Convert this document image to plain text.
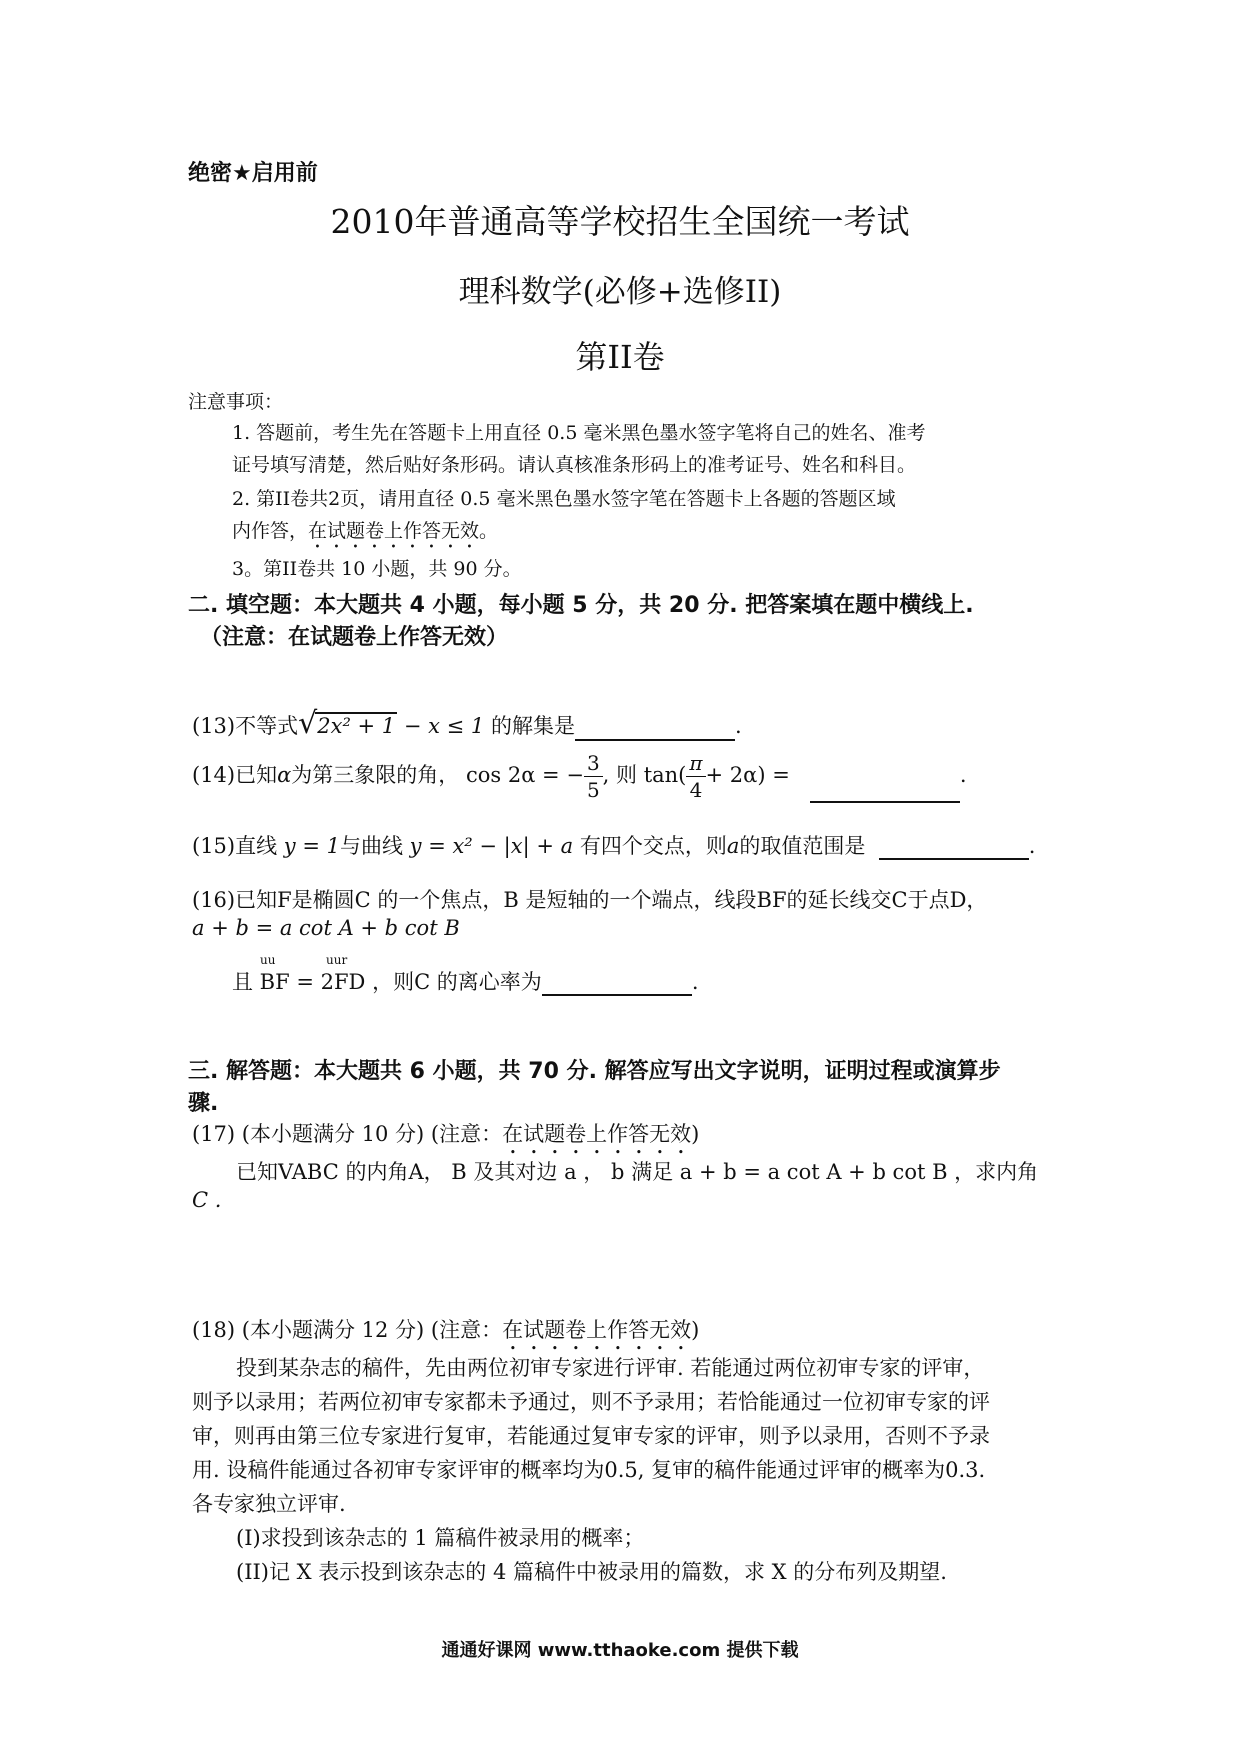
绝密★启用前
2010年普通高等学校招生全国统一考试
理科数学(必修+选修II)
第II卷
注意事项：
1. 答题前，考生先在答题卡上用直径 0.5 毫米黑色墨水签字笔将自己的姓名、准考
证号填写清楚，然后贴好条形码。请认真核准条形码上的准考证号、姓名和科目。
2. 第II卷共2页，请用直径 0.5 毫米黑色墨水签字笔在答题卡上各题的答题区域
内作答，在试题卷上作答无效。
3。第II卷共 10 小题，共 90 分。
二. 填空题：本大题共 4 小题，每小题 5 分，共 20 分. 把答案填在题中横线上.
（注意：在试题卷上作答无效）
(13)不等式√2x² + 1 − x ≤ 1 的解集是	.
(14)已知α为第三象限的角， cos 2α = − $\frac{3}{5}$ , 则 $\tan( \frac{\pi}{4} + 2\alpha)$ =	.
(15)直线 y = 1与曲线 y = x² − |x| + a 有四个交点，则a的取值范围是	.
(16)已知F是椭圆C 的一个焦点，B 是短轴的一个端点，线段BF的延长线交C于点D，
a + b = a cot A + b cot B
uu	uur
且 BF = 2FD ，则C 的离心率为	.
三. 解答题：本大题共 6 小题，共 70 分. 解答应写出文字说明，证明过程或演算步
骤.
(17) (本小题满分 10 分) (注意：在试题卷上作答无效)
已知VABC 的内角A， B 及其对边 a ， b 满足 a + b = a cot A + b cot B ，求内角
C .
(18) (本小题满分 12 分) (注意：在试题卷上作答无效)
投到某杂志的稿件，先由两位初审专家进行评审. 若能通过两位初审专家的评审，
则予以录用；若两位初审专家都未予通过，则不予录用；若恰能通过一位初审专家的评
审，则再由第三位专家进行复审，若能通过复审专家的评审，则予以录用，否则不予录
用. 设稿件能通过各初审专家评审的概率均为0.5, 复审的稿件能通过评审的概率为0.3.
各专家独立评审.
(I)求投到该杂志的 1 篇稿件被录用的概率；
(II)记 X 表示投到该杂志的 4 篇稿件中被录用的篇数，求 X 的分布列及期望.
通通好课网 www.tthaoke.com 提供下载
